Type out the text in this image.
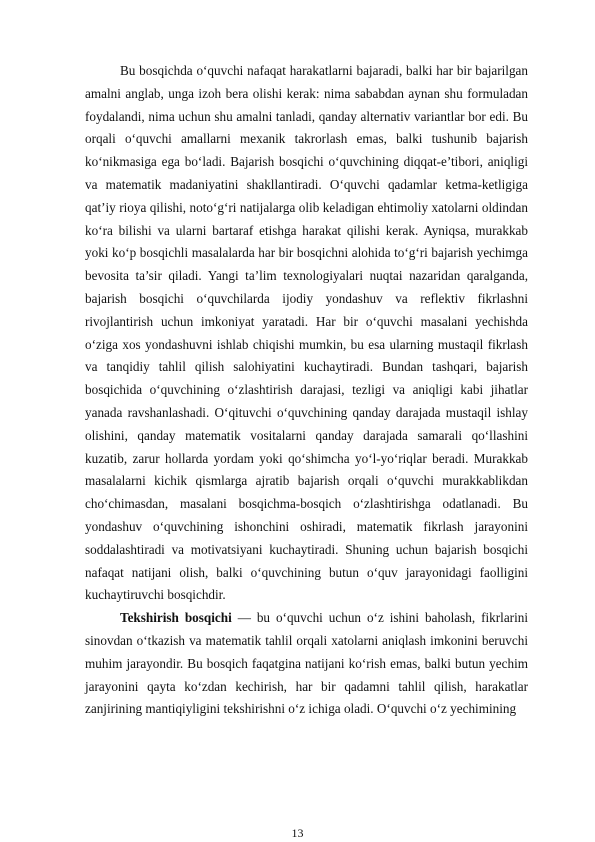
Bu bosqichda o‘quvchi nafaqat harakatlarni bajaradi, balki har bir bajarilgan amalni anglab, unga izoh bera olishi kerak: nima sababdan aynan shu formuladan foydalandi, nima uchun shu amalni tanladi, qanday alternativ variantlar bor edi. Bu orqali o‘quvchi amallarni mexanik takrorlash emas, balki tushunib bajarish ko‘nikmasiga ega bo‘ladi. Bajarish bosqichi o‘quvchining diqqat-e’tibori, aniqligi va matematik madaniyatini shakllantiradi. O‘quvchi qadamlar ketma-ketligiga qat’iy rioya qilishi, noto‘g‘ri natijalarga olib keladigan ehtimoliy xatolarni oldindan ko‘ra bilishi va ularni bartaraf etishga harakat qilishi kerak. Ayniqsa, murakkab yoki ko‘p bosqichli masalalarda har bir bosqichni alohida to‘g‘ri bajarish yechimga bevosita ta’sir qiladi. Yangi ta’lim texnologiyalari nuqtai nazaridan qaralganda, bajarish bosqichi o‘quvchilarda ijodiy yondashuv va reflektiv fikrlashni rivojlantirish uchun imkoniyat yaratadi. Har bir o‘quvchi masalani yechishda o‘ziga xos yondashuvni ishlab chiqishi mumkin, bu esa ularning mustaqil fikrlash va tanqidiy tahlil qilish salohiyatini kuchaytiradi. Bundan tashqari, bajarish bosqichida o‘quvchining o‘zlashtirish darajasi, tezligi va aniqligi kabi jihatlar yanada ravshanlashadi. O‘qituvchi o‘quvchining qanday darajada mustaqil ishlay olishini, qanday matematik vositalarni qanday darajada samarali qo‘llashini kuzatib, zarur hollarda yordam yoki qo‘shimcha yo‘l-yo‘riqlar beradi. Murakkab masalalarni kichik qismlarga ajratib bajarish orqali o‘quvchi murakkablikdan cho‘chimasdan, masalani bosqichma-bosqich o‘zlashtirishga odatlanadi. Bu yondashuv o‘quvchining ishonchini oshiradi, matematik fikrlash jarayonini soddalashtiradi va motivatsiyani kuchaytiradi. Shuning uchun bajarish bosqichi nafaqat natijani olish, balki o‘quvchining butun o‘quv jarayonidagi faolligini kuchaytiruvchi bosqichdir.

Tekshirish bosqichi — bu o‘quvchi uchun o‘z ishini baholash, fikrlarini sinovdan o‘tkazish va matematik tahlil orqali xatolarni aniqlash imkonini beruvchi muhim jarayondir. Bu bosqich faqatgina natijani ko‘rish emas, balki butun yechim jarayonini qayta ko‘zdan kechirish, har bir qadamni tahlil qilish, harakatlar zanjirining mantiqiyligini tekshirishni o‘z ichiga oladi. O‘quvchi o‘z yechimining

13
